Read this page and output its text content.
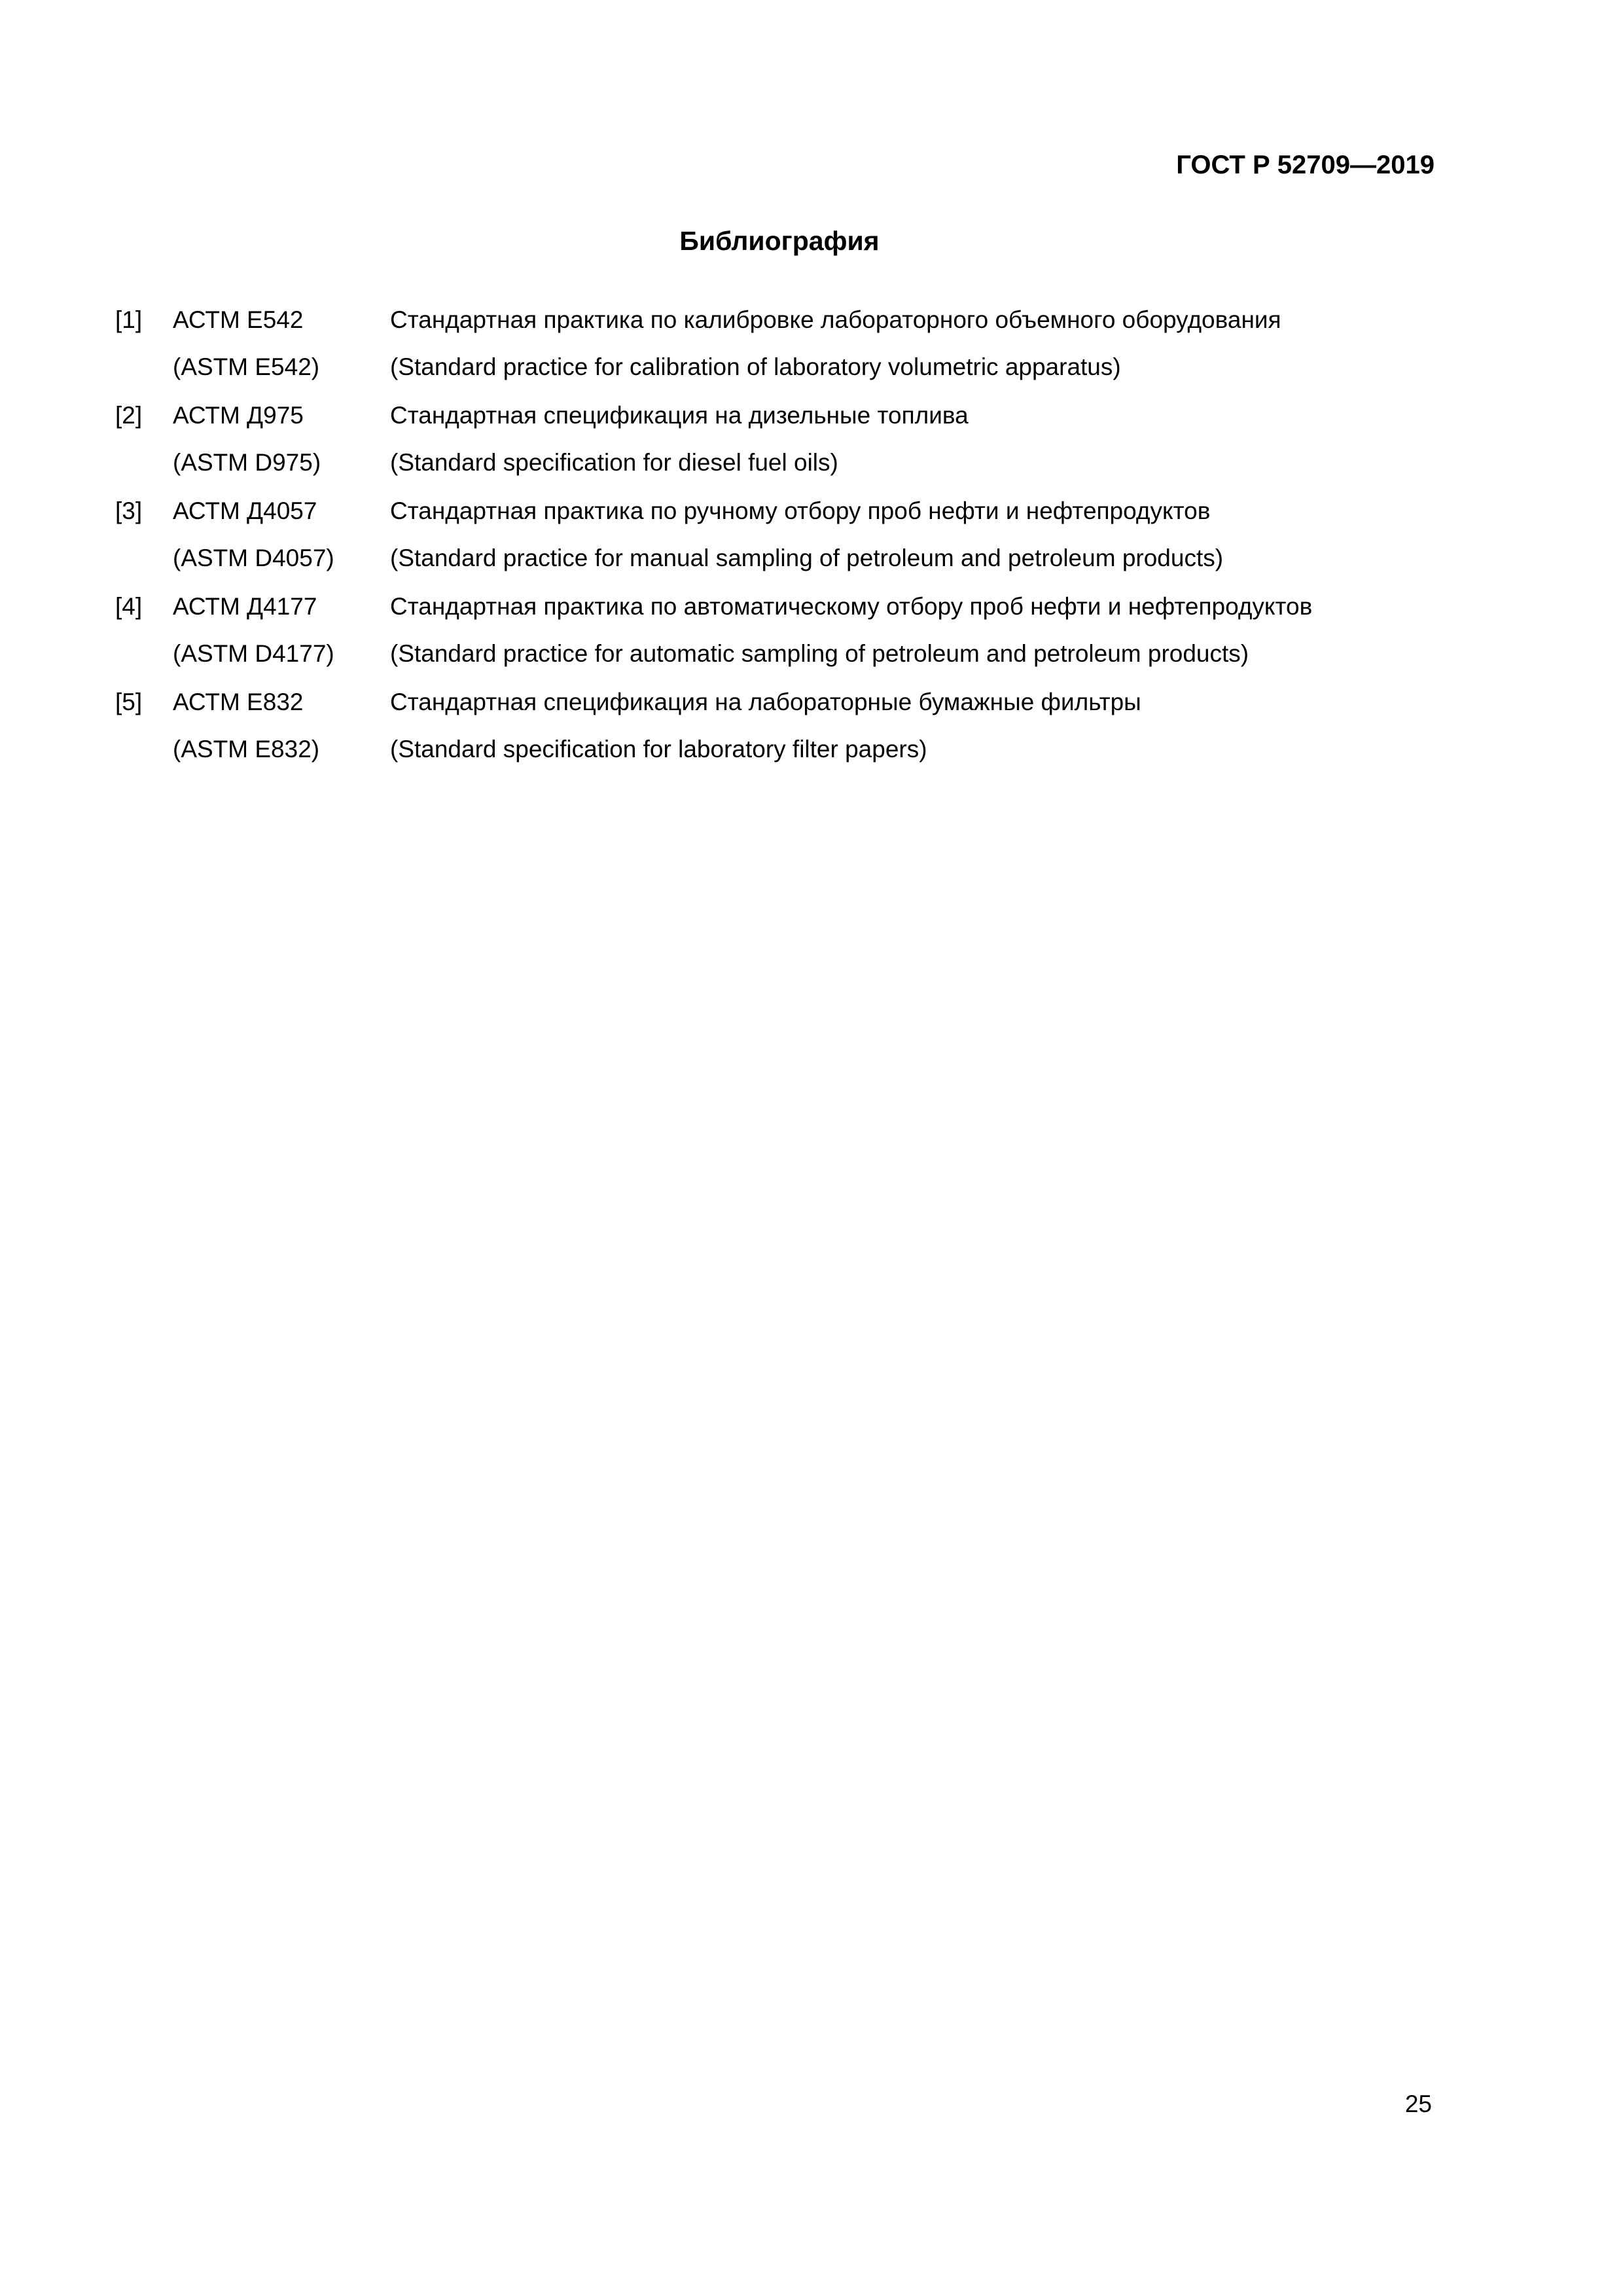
ГОСТ Р 52709—2019
Библиография
[1] АСТМ Е542	Стандартная практика по калибровке лабораторного объемного оборудования
(ASTM E542)	(Standard practice for calibration of laboratory volumetric apparatus)
[2] АСТМ Д975	Стандартная спецификация на дизельные топлива
(ASTM D975)	(Standard specification for diesel fuel oils)
[3] АСТМ Д4057	Стандартная практика по ручному отбору проб нефти и нефтепродуктов
(ASTM D4057) (Standard practice for manual sampling of petroleum and petroleum products)
[4] АСТМ Д4177	Стандартная практика по автоматическому отбору проб нефти и нефтепродуктов
(ASTM D4177) (Standard practice for automatic sampling of petroleum and petroleum products)
[5] АСТМ Е832	Стандартная спецификация на лабораторные бумажные фильтры
(ASTM E832)	(Standard specification for laboratory filter papers)
25
